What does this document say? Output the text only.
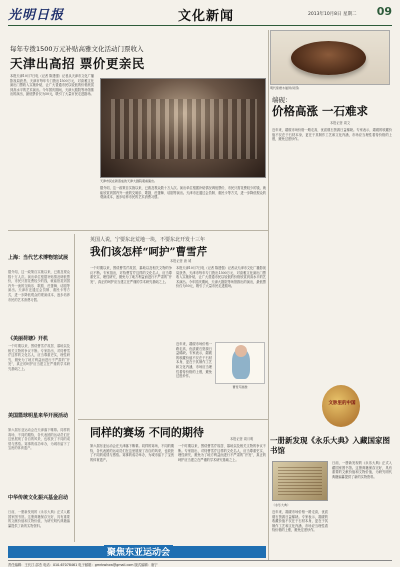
光明日报	文化新闻	2013年10月8日 星期二 09
每年专拨1500万元补贴高雅文化活动门票收入
天津出高招 票价更亲民
本报天津10月7日电（记者 陈建强）记者从天津市文化广播影视局获悉，天津市每年专门拨出1500万元，对高雅文化演出门票收入实施补贴，让广大普通市民以较低的价格欣赏到高水平的艺术演出。今年国庆期间，天津大剧院等场馆推出的演出，最低票价仅为50元，吸引了大量市民走进剧场。
天津市民在新落成的天津大剧院观看演出。
据介绍，这一政策自实施以来，已惠及观众数十万人次。演出单位根据补贴情况调低票价，市民只需花费较少的钱，就能欣赏到国内外一流的交响乐、歌剧、芭蕾舞、话剧等演出。天津市还通过会员制、惠民卡等方式，进一步降低观众的观演成本，逐步培养市民的艺术消费习惯。
明代紫檀木插屏(局部)
端砚：
价格高涨 一石难求
本报记者 周文
近年来，端砚市场价格一路走高，优质砚石资源日益稀缺。专家表示，端砚的收藏价值不仅在于石材本身，更在于其制作工艺和文化内涵，市场应当理性看待价格的上涨，避免过度炒作。
上海：当代艺术博物馆试展
据介绍，这一政策自实施以来，已惠及观众数十万人次。演出单位根据补贴情况调低票价，市民只需花费较少的钱，就能欣赏到国内外一流的交响乐、歌剧、芭蕾舞、话剧等演出。天津市还通过会员制、惠民卡等方式，进一步降低观众的观演成本，逐步培养市民的艺术消费习惯。
《美丽荷塘》开机
一个时期以来，围绕曹雪芹故居、墓地以及相关文物的争议不断。专家指出，对待曹雪芹这样的文化名人，应当尊重史实，理性研究，避免为了地方利益而进行不严肃的“开发”，真正的呵护应当建立在严谨的学术研究基础之上。
美国篮球明星来华开展活动
第六届东亚运动会在天津落下帷幕。同样的赛场，不同的期待，各代表团的运动员们在这里展现了各自的风采，也收获了不同的成绩与感悟。赛事的成功举办，为城市留下了宝贵的体育遗产。
中华传统文化振兴基金启动
日前，一册新发现的《永乐大典》正式入藏国家图书馆。这册典籍保存完好，具有重要的文献价值和文物价值，为研究明代典籍编纂提供了新的实物资料。
英国人说，宁要东北荒地一块，不要东北开发十三年
我们该怎样“呵护”曹雪芹
本报记者 唐 城
一个时期以来，围绕曹雪芹故居、墓地以及相关文物的争议不断。专家指出，对待曹雪芹这样的文化名人，应当尊重史实，理性研究，避免为了地方利益而进行不严肃的“开发”，真正的呵护应当建立在严谨的学术研究基础之上。
本报天津10月7日电（记者 陈建强）记者从天津市文化广播影视局获悉，天津市每年专门拨出1500万元，对高雅文化演出门票收入实施补贴，让广大普通市民以较低的价格欣赏到高水平的艺术演出。今年国庆期间，天津大剧院等场馆推出的演出，最低票价仅为50元，吸引了大量市民走进剧场。
近年来，端砚市场价格一路走高，优质砚石资源日益稀缺。专家表示，端砚的收藏价值不仅在于石材本身，更在于其制作工艺和文化内涵，市场应当理性看待价格的上涨，避免过度炒作。
曹雪芹画像
同样的赛场 不同的期待	本报记者 周月明
第六届东亚运动会在天津落下帷幕。同样的赛场，不同的期待，各代表团的运动员们在这里展现了各自的风采，也收获了不同的成绩与感悟。赛事的成功举办，为城市留下了宝贵的体育遗产。
一个时期以来，围绕曹雪芹故居、墓地以及相关文物的争议不断。专家指出，对待曹雪芹这样的文化名人，应当尊重史实，理性研究，避免为了地方利益而进行不严肃的“开发”，真正的呵护应当建立在严谨的学术研究基础之上。
文脉里的中国
一册新发现《永乐大典》入藏国家图书馆
《永乐大典》
日前，一册新发现的《永乐大典》正式入藏国家图书馆。这册典籍保存完好，具有重要的文献价值和文物价值，为研究明代典籍编纂提供了新的实物资料。
近年来，端砚市场价格一路走高，优质砚石资源日益稀缺。专家表示，端砚的收藏价值不仅在于石材本身，更在于其制作工艺和文化内涵，市场应当理性看待价格的上涨，避免过度炒作。
聚焦东亚运动会
责任编辑：王长江 邵杰 电话：010-67078461 电子邮箱：gmrbwhxw@gmail.com 版式编辑：唐宁
